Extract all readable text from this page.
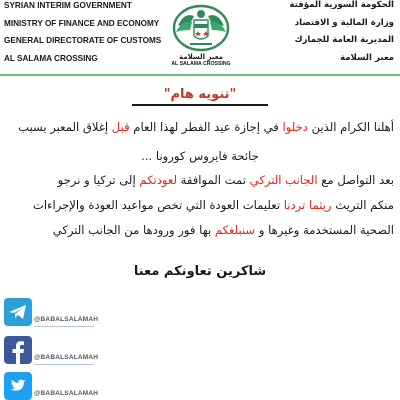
SYRIAN INTERIM GOVERNMENT
MINISTRY OF FINANCE AND ECONOMY
GENERAL DIRECTORATE OF CUSTOMS
AL SALAMA CROSSING	معبر السلامة
AL SALAMA CROSSING
الحكومة السورية المؤقتة
وزارة المالية و الاقتصاد
المديرية العامة للجمارك
معبر السلامة
"تنويه هام"
أهلنا الكرام الذين دخلوا في إجازة عيد الفطر لهذا العام قبل إغلاق المعبر بسبب
جائحة فايروس كورونا ...
بعد التواصل مع الجانب التركي تمت الموافقة لعودتكم إلى تركيا و نرجو
منكم التريث ريثما تردنا تعليمات العودة التي تخص مواعيد العودة والإجراءات
الصحية المستخدمة وغيرها و سنبلغكم بها فور ورودها من الجانب التركي
شاكرين تعاونكم معنا
@BABALSALAMAH
@BABALSALAMAH
@BABALSALAMAH
